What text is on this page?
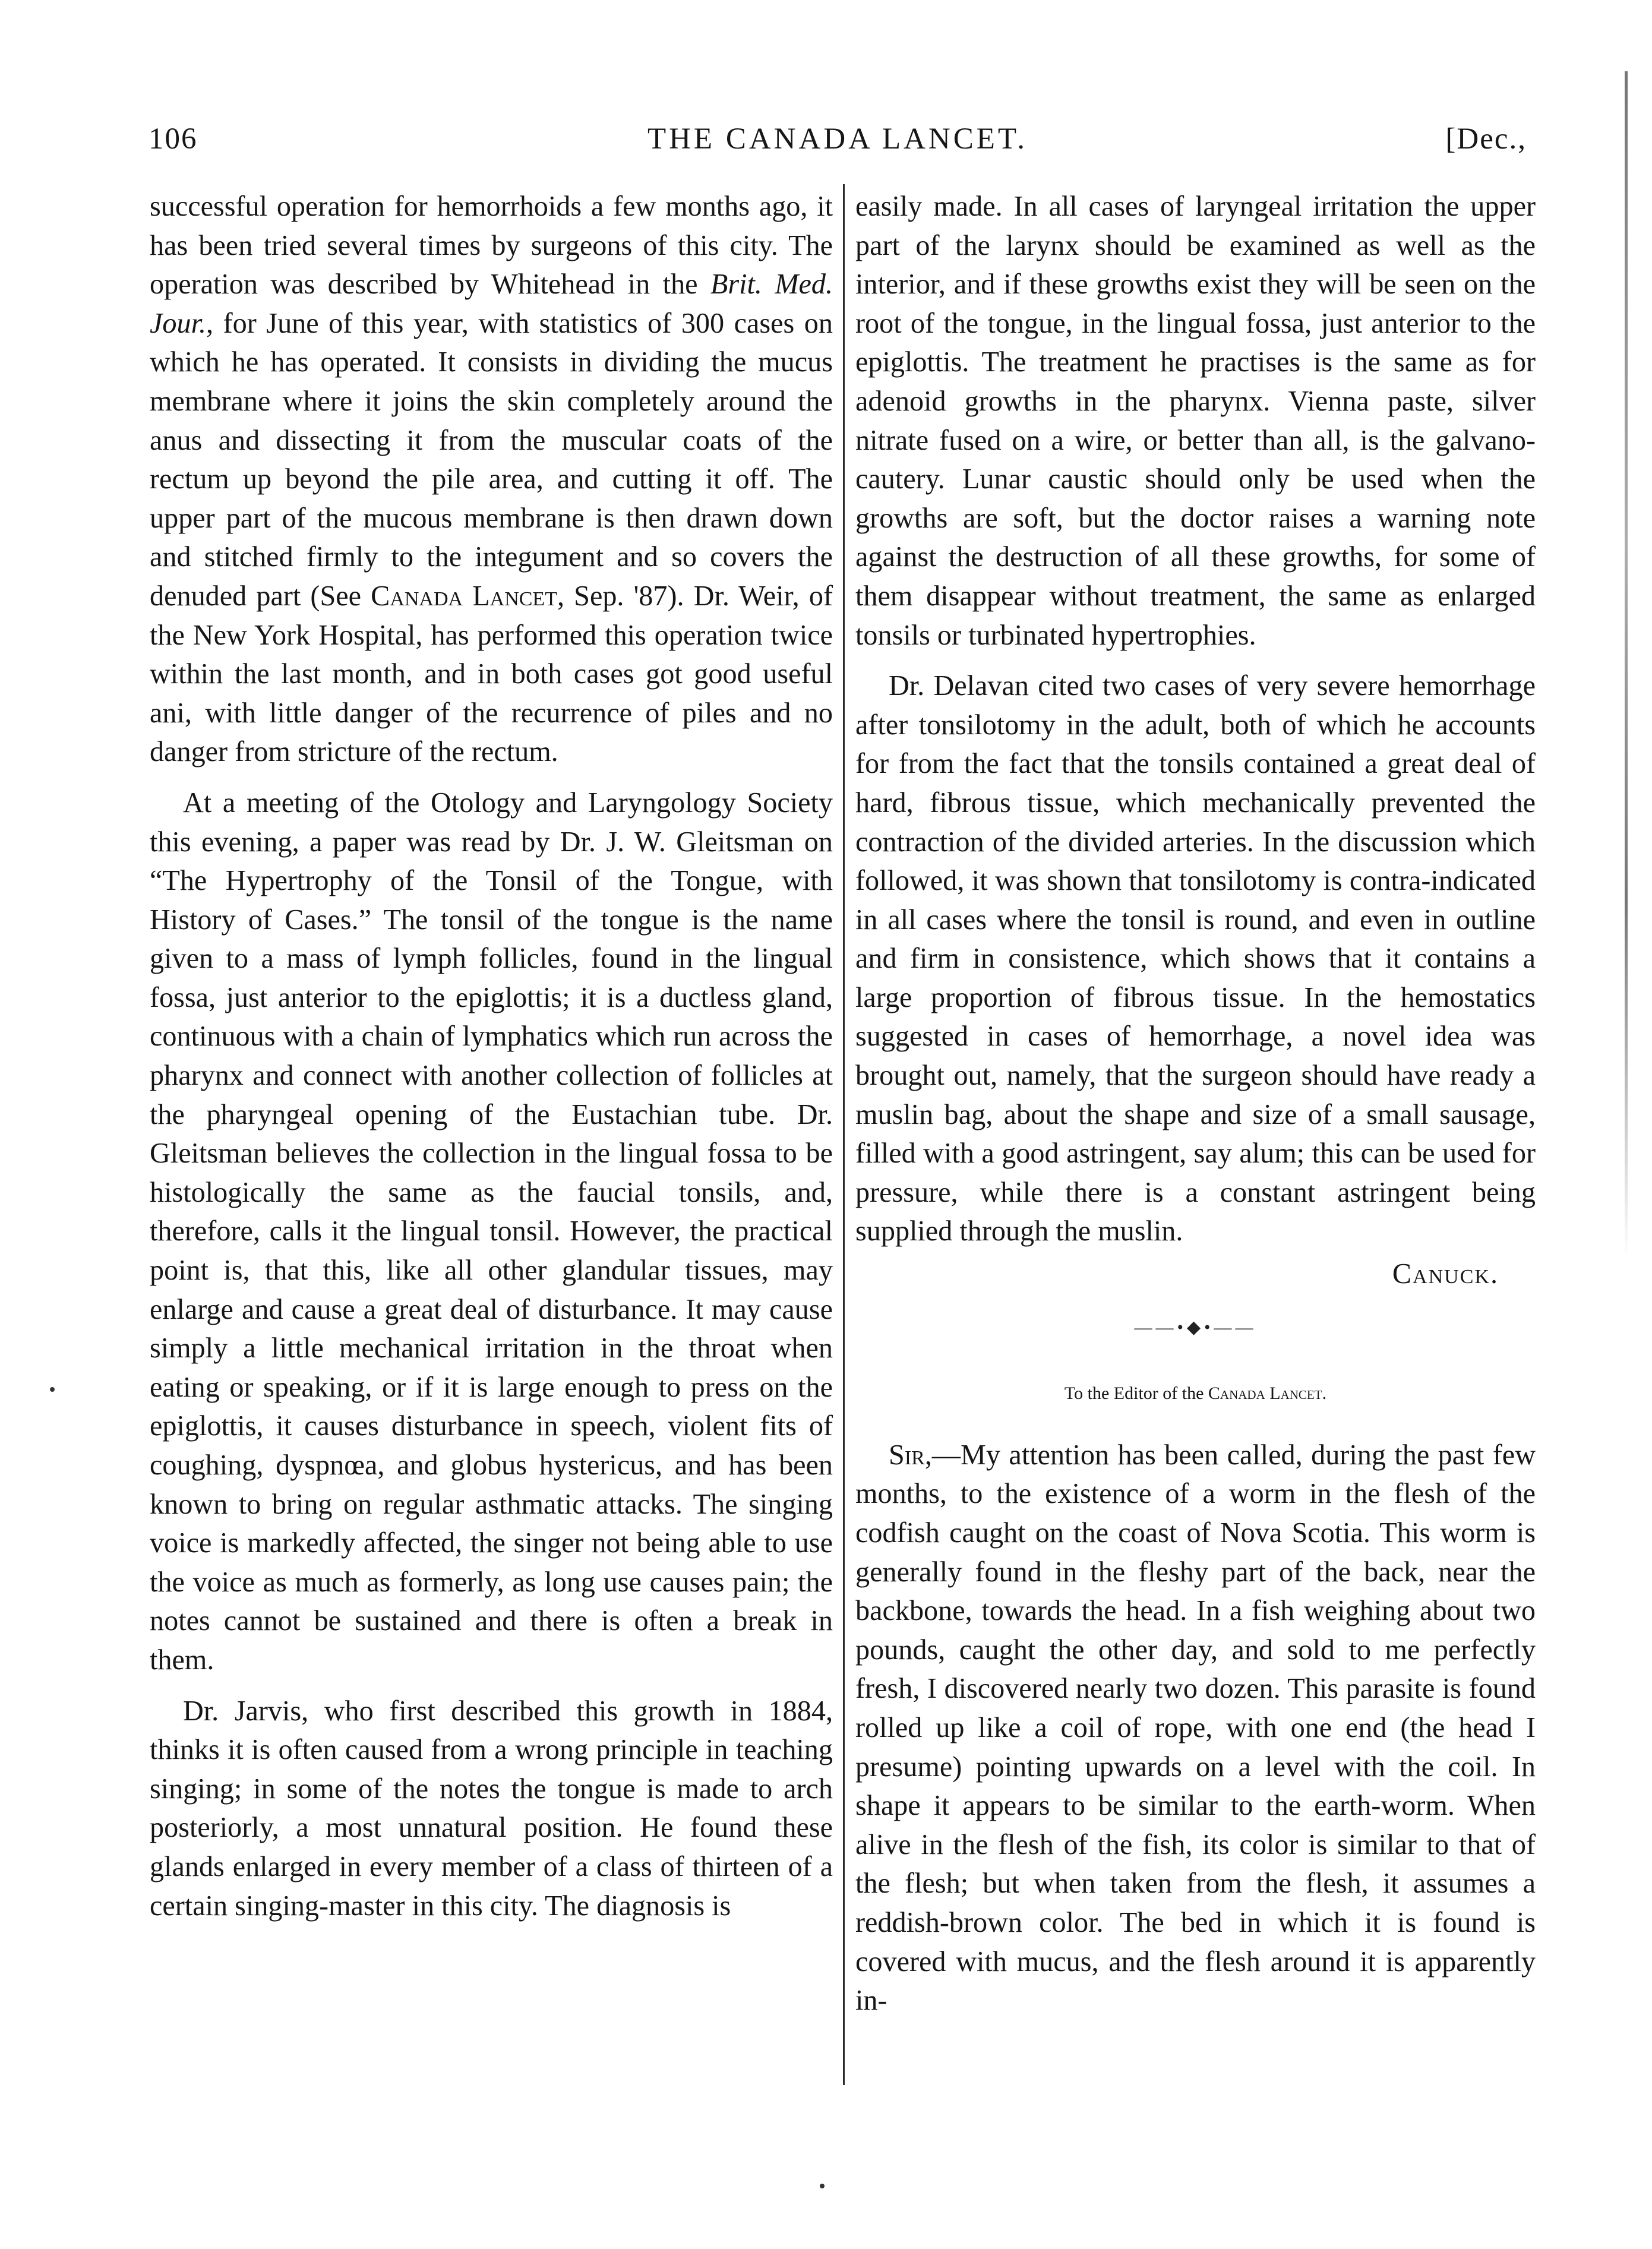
106	THE CANADA LANCET.	[Dec.,

successful operation for hemorrhoids a few months ago, it has been tried several times by surgeons of this city. The operation was described by Whitehead in the Brit. Med. Jour., for June of this year, with statistics of 300 cases on which he has operated. It consists in dividing the mucus membrane where it joins the skin completely around the anus and dissecting it from the muscular coats of the rectum up beyond the pile area, and cutting it off. The upper part of the mucous membrane is then drawn down and stitched firmly to the integument and so covers the denuded part (See Canada Lancet, Sep. '87). Dr. Weir, of the New York Hospital, has performed this operation twice within the last month, and in both cases got good useful ani, with little danger of the recurrence of piles and no danger from stricture of the rectum.

At a meeting of the Otology and Laryngology Society this evening, a paper was read by Dr. J. W. Gleitsman on “The Hypertrophy of the Tonsil of the Tongue, with History of Cases.” The tonsil of the tongue is the name given to a mass of lymph follicles, found in the lingual fossa, just anterior to the epiglottis; it is a ductless gland, continuous with a chain of lymphatics which run across the pharynx and connect with another collection of follicles at the pharyngeal opening of the Eustachian tube. Dr. Gleitsman believes the collection in the lingual fossa to be histologically the same as the faucial tonsils, and, therefore, calls it the lingual tonsil. However, the practical point is, that this, like all other glandular tissues, may enlarge and cause a great deal of disturbance. It may cause simply a little mechanical irritation in the throat when eating or speaking, or if it is large enough to press on the epiglottis, it causes disturbance in speech, violent fits of coughing, dyspnœa, and globus hystericus, and has been known to bring on regular asthmatic attacks. The singing voice is markedly affected, the singer not being able to use the voice as much as formerly, as long use causes pain; the notes cannot be sustained and there is often a break in them.

Dr. Jarvis, who first described this growth in 1884, thinks it is often caused from a wrong principle in teaching singing; in some of the notes the tongue is made to arch posteriorly, a most unnatural position. He found these glands enlarged in every member of a class of thirteen of a certain singing-master in this city. The diagnosis is

easily made. In all cases of laryngeal irritation the upper part of the larynx should be examined as well as the interior, and if these growths exist they will be seen on the root of the tongue, in the lingual fossa, just anterior to the epiglottis. The treatment he practises is the same as for adenoid growths in the pharynx. Vienna paste, silver nitrate fused on a wire, or better than all, is the galvano-cautery. Lunar caustic should only be used when the growths are soft, but the doctor raises a warning note against the destruction of all these growths, for some of them disappear without treatment, the same as enlarged tonsils or turbinated hypertrophies.

Dr. Delavan cited two cases of very severe hemorrhage after tonsilotomy in the adult, both of which he accounts for from the fact that the tonsils contained a great deal of hard, fibrous tissue, which mechanically prevented the contraction of the divided arteries. In the discussion which followed, it was shown that tonsilotomy is contra-indicated in all cases where the tonsil is round, and even in outline and firm in consistence, which shows that it contains a large proportion of fibrous tissue. In the hemostatics suggested in cases of hemorrhage, a novel idea was brought out, namely, that the surgeon should have ready a muslin bag, about the shape and size of a small sausage, filled with a good astringent, say alum; this can be used for pressure, while there is a constant astringent being supplied through the muslin.

Canuck.

——•◆•——

To the Editor of the Canada Lancet.

Sir,—My attention has been called, during the past few months, to the existence of a worm in the flesh of the codfish caught on the coast of Nova Scotia. This worm is generally found in the fleshy part of the back, near the backbone, towards the head. In a fish weighing about two pounds, caught the other day, and sold to me perfectly fresh, I discovered nearly two dozen. This parasite is found rolled up like a coil of rope, with one end (the head I presume) pointing upwards on a level with the coil. In shape it appears to be similar to the earth-worm. When alive in the flesh of the fish, its color is similar to that of the flesh; but when taken from the flesh, it assumes a reddish-brown color. The bed in which it is found is covered with mucus, and the flesh around it is apparently in-
